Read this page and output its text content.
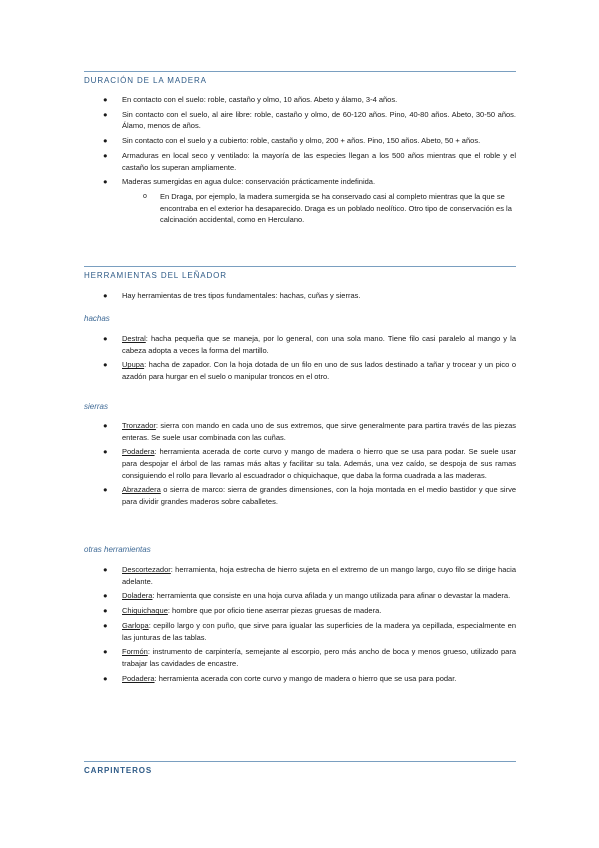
DURACIÓN DE LA MADERA
● En contacto con el suelo: roble, castaño y olmo, 10 años. Abeto y álamo, 3-4 años.
● Sin contacto con el suelo, al aire libre: roble, castaño y olmo, de 60-120 años. Pino, 40-80 años. Abeto, 30-50 años. Álamo, menos de años.
● Sin contacto con el suelo y a cubierto: roble, castaño y olmo, 200 + años. Pino, 150 años. Abeto, 50 + años.
● Armaduras en local seco y ventilado: la mayoría de las especies llegan a los 500 años mientras que el roble y el castaño los superan ampliamente.
● Maderas sumergidas en agua dulce: conservación prácticamente indefinida.
o En Draga, por ejemplo, la madera sumergida se ha conservado casi al completo mientras que la que se encontraba en el exterior ha desaparecido. Draga es un poblado neolítico. Otro tipo de conservación es la calcinación accidental, como en Herculano.
HERRAMIENTAS DEL LEÑADOR
● Hay herramientas de tres tipos fundamentales: hachas, cuñas y sierras.
hachas
● Destral: hacha pequeña que se maneja, por lo general, con una sola mano. Tiene filo casi paralelo al mango y la cabeza adopta a veces la forma del martillo.
● Upupa: hacha de zapador. Con la hoja dotada de un filo en uno de sus lados destinado a tañar y trocear y un pico o azadón para hurgar en el suelo o manipular troncos en el otro.
sierras
● Tronzador: sierra con mando en cada uno de sus extremos, que sirve generalmente para partira través de las piezas enteras. Se suele usar combinada con las cuñas.
● Podadera: herramienta acerada de corte curvo y mango de madera o hierro que se usa para podar. Se suele usar para despojar el árbol de las ramas más altas y facilitar su tala. Además, una vez caído, se despoja de sus ramas consiguiendo el rollo para llevarlo al escuadrador o chiquichaque, que daba la forma cuadrada a las maderas.
● Abrazadera o sierra de marco: sierra de grandes dimensiones, con la hoja montada en el medio bastidor y que sirve para dividir grandes maderos sobre caballetes.
otras herramientas
● Descortezador: herramienta, hoja estrecha de hierro sujeta en el extremo de un mango largo, cuyo filo se dirige hacia adelante.
● Doladera: herramienta que consiste en una hoja curva afilada y un mango utilizada para afinar o devastar la madera.
● Chiquichaque: hombre que por oficio tiene aserrar piezas gruesas de madera.
● Garlopa: cepillo largo y con puño, que sirve para igualar las superficies de la madera ya cepillada, especialmente en las junturas de las tablas.
● Formón: instrumento de carpintería, semejante al escorpio, pero más ancho de boca y menos grueso, utilizado para trabajar las cavidades de encastre.
● Podadera: herramienta acerada con corte curvo y mango de madera o hierro que se usa para podar.
CARPINTEROS
